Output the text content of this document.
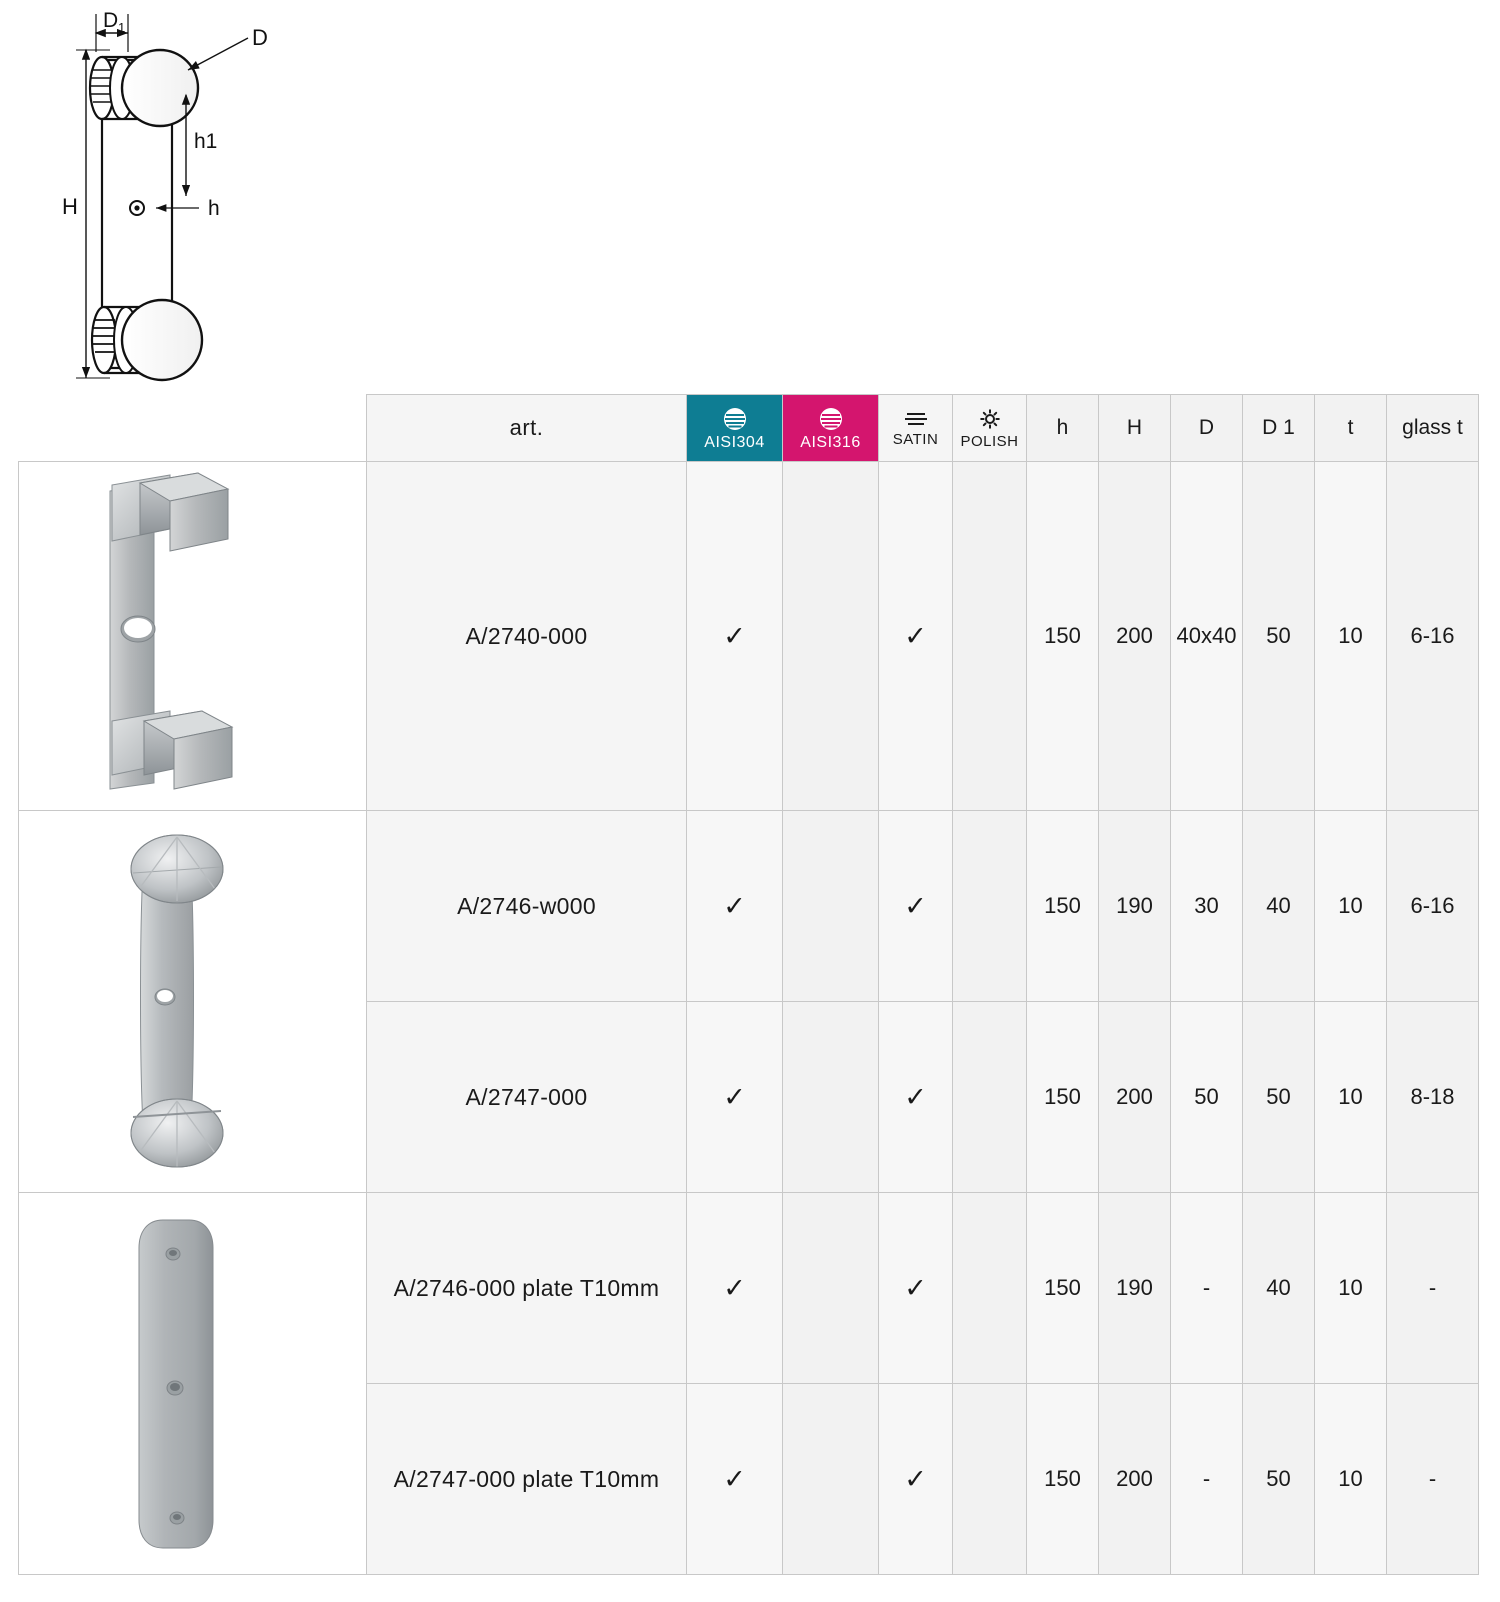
D 1	D
h1
h
H
	art.	AISI304	AISI316	SATIN	POLISH	h	H	D	D 1	t	glass t

	A/2740-000	✓		✓		150	200	40x40	50	10	6-16

	A/2746-w000	✓		✓		150	190	30	40	10	6-16
	A/2747-000	✓		✓		150	200	50	50	10	8-18

	A/2746-000 plate T10mm	✓		✓		150	190	-	40	10	-
	A/2747-000 plate T10mm	✓		✓		150	200	-	50	10	-
